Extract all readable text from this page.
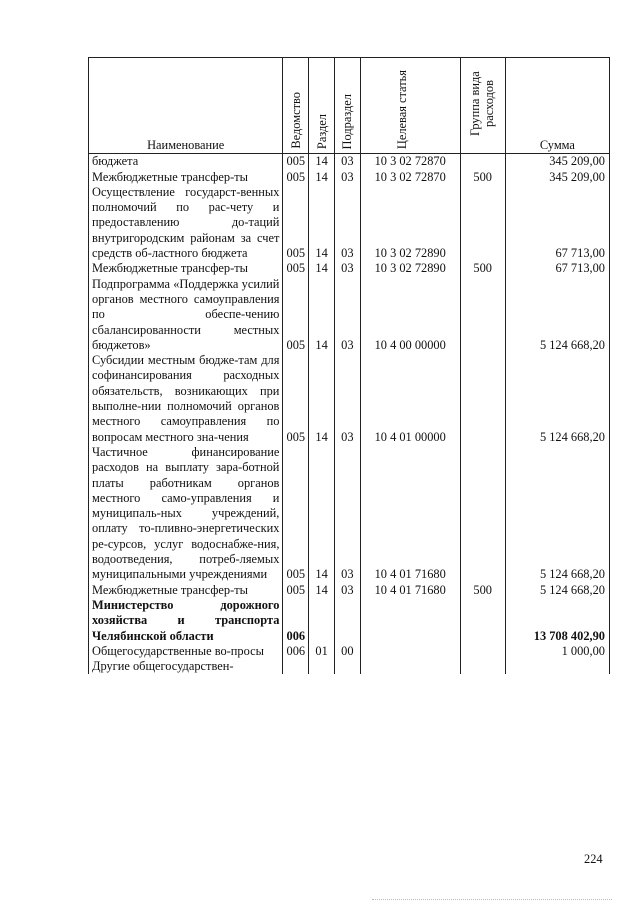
Наименование	Ведомство	Раздел	Подраздел	Целевая статья	Группа вида расходов	Сумма
бюджета	005	14	03	10 3 02 72870		345 209,00
Межбюджетные трансфер-ты	005	14	03	10 3 02 72870	500	345 209,00
Осуществление государст-венных полномочий по рас-чету и предоставлению до-таций внутригородским районам за счет средств об-ластного бюджета	005	14	03	10 3 02 72890		67 713,00
Межбюджетные трансфер-ты	005	14	03	10 3 02 72890	500	67 713,00
Подпрограмма «Поддержка усилий органов местного самоуправления по обеспе-чению сбалансированности местных бюджетов»	005	14	03	10 4 00 00000		5 124 668,20
Субсидии местным бюдже-там для софинансирования расходных обязательств, возникающих при выполне-нии полномочий органов местного самоуправления по вопросам местного зна-чения	005	14	03	10 4 01 00000		5 124 668,20
Частичное финансирование расходов на выплату зара-ботной платы работникам органов местного само-управления и муниципаль-ных учреждений, оплату то-пливно-энергетических ре-сурсов, услуг водоснабже-ния, водоотведения, потреб-ляемых муниципальными учреждениями	005	14	03	10 4 01 71680		5 124 668,20
Межбюджетные трансфер-ты	005	14	03	10 4 01 71680	500	5 124 668,20
Министерство дорожного хозяйства и транспорта Челябинской области	006					13 708 402,90
Общегосударственные во-просы	006	01	00			1 000,00
Другие общегосударствен-						
224
